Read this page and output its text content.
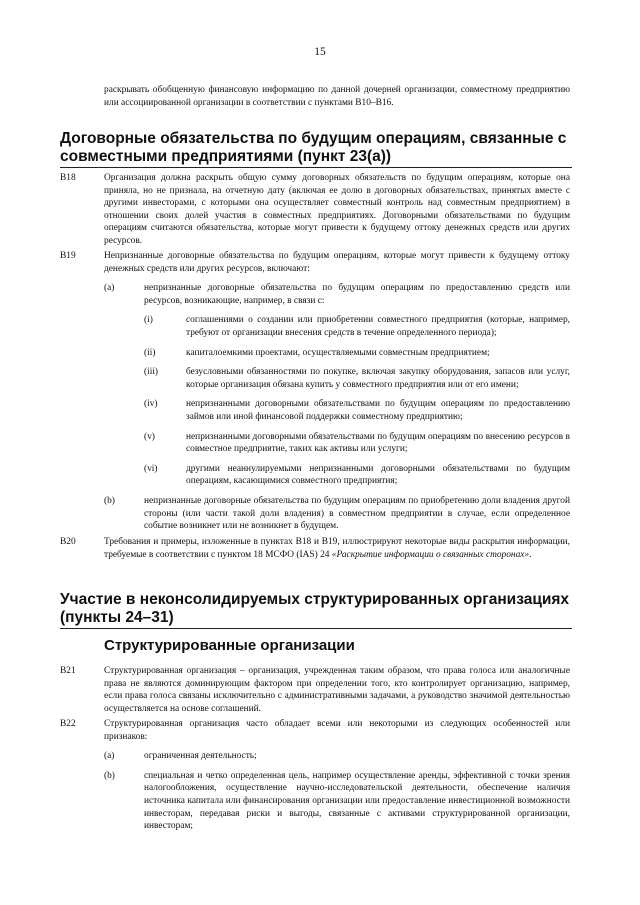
15
раскрывать обобщенную финансовую информацию по данной дочерней организации, совместному предприятию или ассоциированной организации в соответствии с пунктами B10–B16.
Договорные обязательства по будущим операциям, связанные с совместными предприятиями (пункт 23(а))
B18	Организация должна раскрыть общую сумму договорных обязательств по будущим операциям, которые она приняла, но не признала, на отчетную дату (включая ее долю в договорных обязательствах, принятых вместе с другими инвесторами, с которыми она осуществляет совместный контроль над совместным предприятием) в отношении своих долей участия в совместных предприятиях. Договорными обязательствами по будущим операциям считаются обязательства, которые могут привести к будущему оттоку денежных средств или других ресурсов.
B19	Непризнанные договорные обязательства по будущим операциям, которые могут привести к будущему оттоку денежных средств или других ресурсов, включают:
(a)	непризнанные договорные обязательства по будущим операциям по предоставлению средств или ресурсов, возникающие, например, в связи с:
(i)	соглашениями о создании или приобретении совместного предприятия (которые, например, требуют от организации внесения средств в течение определенного периода);
(ii)	капиталоемкими проектами, осуществляемыми совместным предприятием;
(iii)	безусловными обязанностями по покупке, включая закупку оборудования, запасов или услуг, которые организация обязана купить у совместного предприятия или от его имени;
(iv)	непризнанными договорными обязательствами по будущим операциям по предоставлению займов или иной финансовой поддержки совместному предприятию;
(v)	непризнанными договорными обязательствами по будущим операциям по внесению ресурсов в совместное предприятие, таких как активы или услуги;
(vi)	другими неаннулируемыми непризнанными договорными обязательствами по будущим операциям, касающимися совместного предприятия;
(b)	непризнанные договорные обязательства по будущим операциям по приобретению доли владения другой стороны (или части такой доли владения) в совместном предприятии в случае, если определенное событие возникнет или не возникнет в будущем.
B20	Требования и примеры, изложенные в пунктах B18 и B19, иллюстрируют некоторые виды раскрытия информации, требуемые в соответствии с пунктом 18 МСФО (IAS) 24 «Раскрытие информации о связанных сторонах».
Участие в неконсолидируемых структурированных организациях (пункты 24–31)
Структурированные организации
B21	Структурированная организация – организация, учрежденная таким образом, что права голоса или аналогичные права не являются доминирующим фактором при определении того, кто контролирует организацию, например, если права голоса связаны исключительно с административными задачами, а руководство значимой деятельностью осуществляется на основе соглашений.
B22	Структурированная организация часто обладает всеми или некоторыми из следующих особенностей или признаков:
(a)	ограниченная деятельность;
(b)	специальная и четко определенная цель, например осуществление аренды, эффективной с точки зрения налогообложения, осуществление научно-исследовательской деятельности, обеспечение наличия источника капитала или финансирования организации или предоставление инвестиционной возможности инвесторам, передавая риски и выгоды, связанные с активами структурированной организации, инвесторам;
